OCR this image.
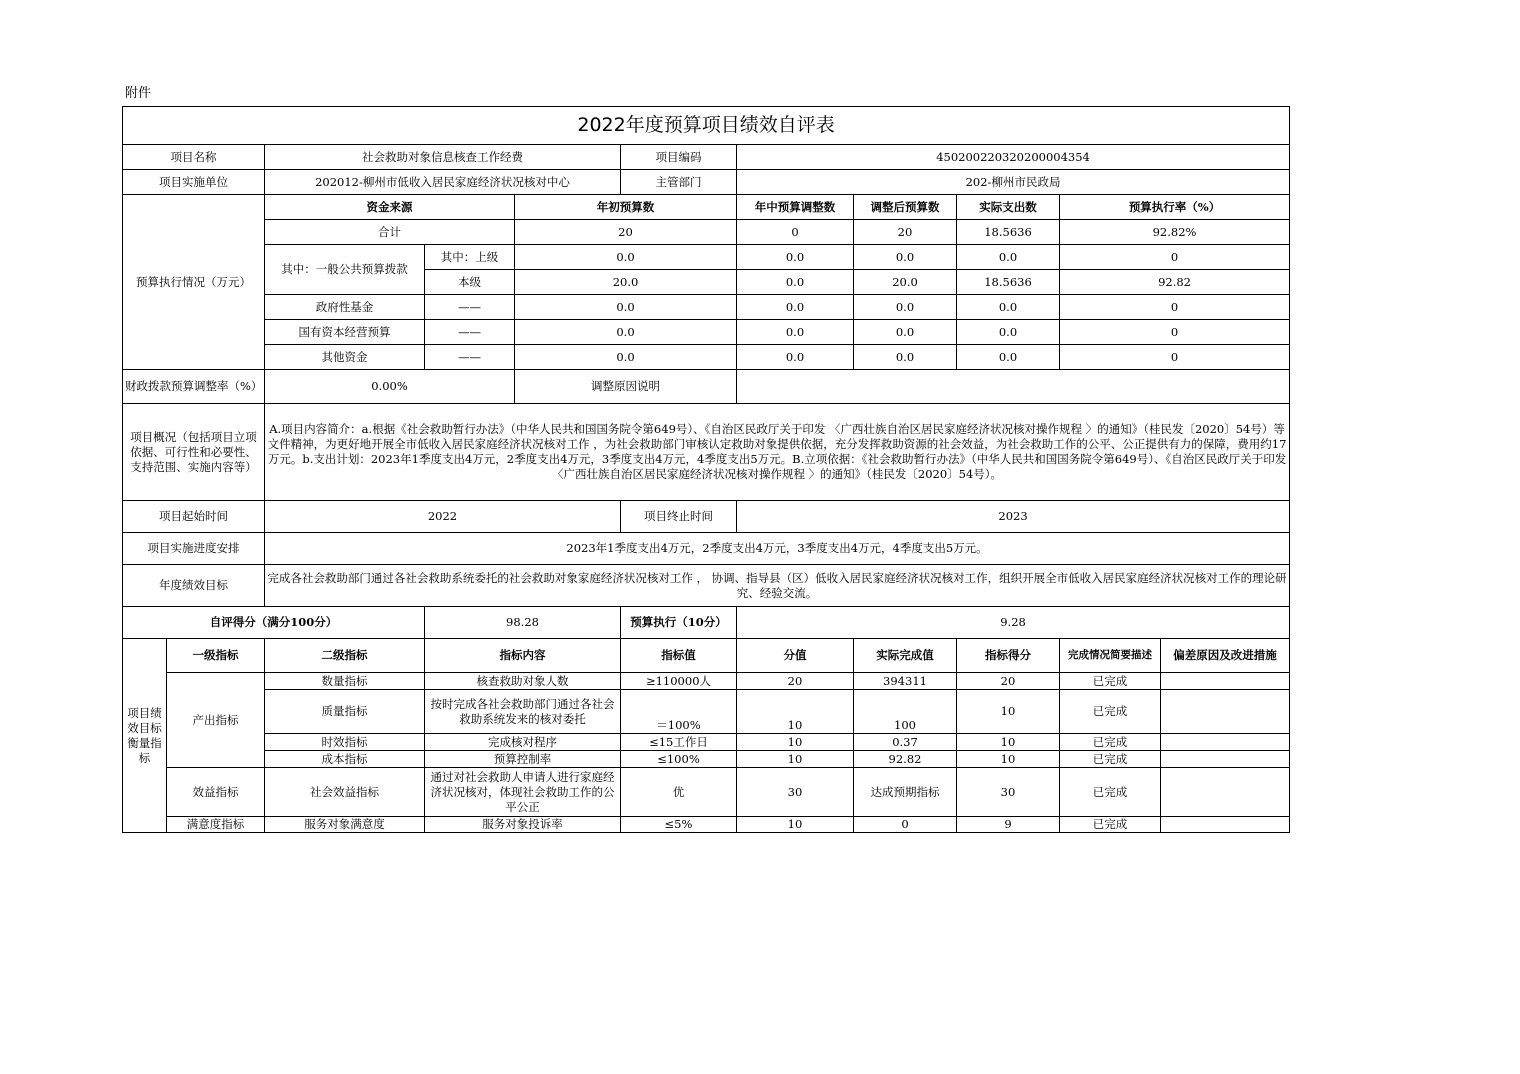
附件
2022年度预算项目绩效自评表										
项目名称		社会救助对象信息核查工作经费			项目编码	450200220320200004354				
项目实施单位		202012-柳州市低收入居民家庭经济状况核对中心			主管部门	202-柳州市民政局				
预算执行情况（万元）		资金来源		年初预算数		年中预算调整数	调整后预算数	实际支出数	预算执行率（%）	
		合计		20		0	20	18.5636	92.82%	
		其中：一般公共预算拨款	其中：上级	0.0		0.0	0.0	0.0	0	
			本级	20.0		0.0	20.0	18.5636	92.82	
		政府性基金	——	0.0		0.0	0.0	0.0	0	
		国有资本经营预算	——	0.0		0.0	0.0	0.0	0	
		其他资金	——	0.0		0.0	0.0	0.0	0	
财政拨款预算调整率（%）		0.00%		调整原因说明						
项目概况（包括项目立项依据、可行性和必要性、支持范围、实施内容等）		A.项目内容简介：a.根据《社会救助暂行办法》（中华人民共和国国务院令第649号）、《自治区民政厅关于印发 〈广西壮族自治区居民家庭经济状况核对操作规程 〉的通知》（桂民发〔2020〕54号）等文件精神，为更好地开展全市低收入居民家庭经济状况核对工作 ，为社会救助部门审核认定救助对象提供依据，充分发挥救助资源的社会效益，为社会救助工作的公平、公正提供有力的保障，费用约17万元。b.支出计划：2023年1季度支出4万元，2季度支出4万元，3季度支出4万元，4季度支出5万元。B.立项依据：《社会救助暂行办法》（中华人民共和国国务院令第649号）、《自治区民政厅关于印发 〈广西壮族自治区居民家庭经济状况核对操作规程 〉的通知》（桂民发〔2020〕54号）。								
项目起始时间		2022			项目终止时间	2023				
项目实施进度安排		2023年1季度支出4万元，2季度支出4万元，3季度支出4万元，4季度支出5万元。								
年度绩效目标		完成各社会救助部门通过各社会救助系统委托的社会救助对象家庭经济状况核对工作 ， 协调、指导县（区）低收入居民家庭经济状况核对工作，组织开展全市低收入居民家庭经济状况核对工作的理论研究、经验交流。								
自评得分（满分100分）			98.28		预算执行（10分）	9.28				
项目绩效目标衡量指标	一级指标	二级指标	指标内容		指标值	分值	实际完成值	指标得分	完成情况简要描述	偏差原因及改进措施
	产出指标	数量指标	核查救助对象人数		≥110000人	20	394311	20	已完成	
		质量指标	按时完成各社会救助部门通过各社会救助系统发来的核对委托		＝100%	10	100	10	已完成	
		时效指标	完成核对程序		≤15工作日	10	0.37	10	已完成	
		成本指标	预算控制率		≤100%	10	92.82	10	已完成	
	效益指标	社会效益指标	通过对社会救助人申请人进行家庭经济状况核对，体现社会救助工作的公平公正		优	30	达成预期指标	30	已完成	
	满意度指标	服务对象满意度	服务对象投诉率		≤5%	10	0	9	已完成	
